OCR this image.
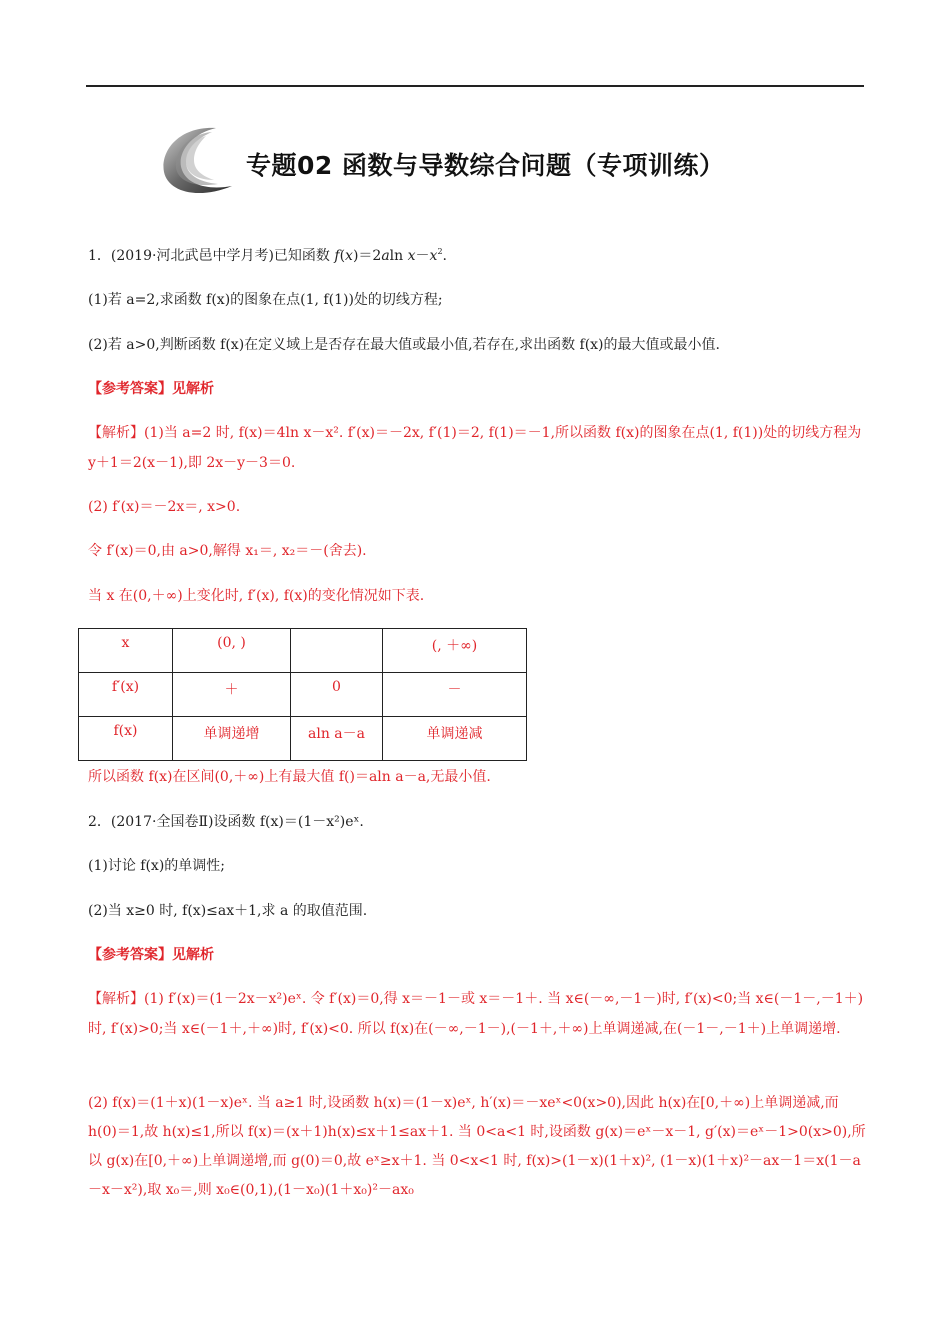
专题02 函数与导数综合问题（专项训练）
1．(2019·河北武邑中学月考)已知函数 f(x)＝2aln $x-x^2$.
(1)若 a=2,求函数 f(x)的图象在点(1, f(1))处的切线方程;
(2)若 a>0,判断函数 f(x)在定义域上是否存在最大值或最小值,若存在,求出函数 f(x)的最大值或最小值.
【参考答案】见解析
【解析】(1)当 a=2 时, f(x)＝4ln x－x². f′(x)＝－2x, f′(1)＝2, f(1)＝－1,所以函数 f(x)的图象在点(1, f(1))处的切线方程为 y＋1＝2(x－1),即 2x－y－3＝0.
(2) f′(x)＝－2x＝, x>0.
令 f′(x)＝0,由 a>0,解得 x₁＝, x₂＝－(舍去).
当 x 在(0,＋∞)上变化时, f′(x), f(x)的变化情况如下表.
x	(0, )		(, ＋∞)
f′(x)	＋	0	－
f(x)	单调递增	aln a－a	单调递减
所以函数 f(x)在区间(0,＋∞)上有最大值 f()＝aln a－a,无最小值.
2．(2017·全国卷Ⅱ)设函数 f(x)＝(1－x²)eˣ.
(1)讨论 f(x)的单调性;
(2)当 x≥0 时, f(x)≤ax＋1,求 a 的取值范围.
【参考答案】见解析
【解析】(1) f′(x)＝(1－2x－x²)eˣ. 令 f′(x)＝0,得 x＝－1－或 x＝－1＋. 当 x∈(－∞,－1－)时, f′(x)<0;当 x∈(－1－,－1＋)时, f′(x)>0;当 x∈(－1＋,＋∞)时, f′(x)<0. 所以 f(x)在(－∞,－1－),(－1＋,＋∞)上单调递减,在(－1－,－1＋)上单调递增.
(2) f(x)＝(1＋x)(1－x)eˣ. 当 a≥1 时,设函数 h(x)＝(1－x)eˣ, h′(x)＝－xeˣ<0(x>0),因此 h(x)在[0,＋∞)上单调递减,而 h(0)＝1,故 h(x)≤1,所以 f(x)＝(x＋1)h(x)≤x＋1≤ax＋1. 当 0<a<1 时,设函数 g(x)＝eˣ－x－1, g′(x)＝eˣ－1>0(x>0),所以 g(x)在[0,＋∞)上单调递增,而 g(0)＝0,故 eˣ≥x＋1. 当 0<x<1 时, f(x)>(1－x)(1＋x)², (1－x)(1＋x)²－ax－1＝x(1－a－x－x²),取 x₀＝,则 x₀∈(0,1),(1－x₀)(1＋x₀)²－ax₀
